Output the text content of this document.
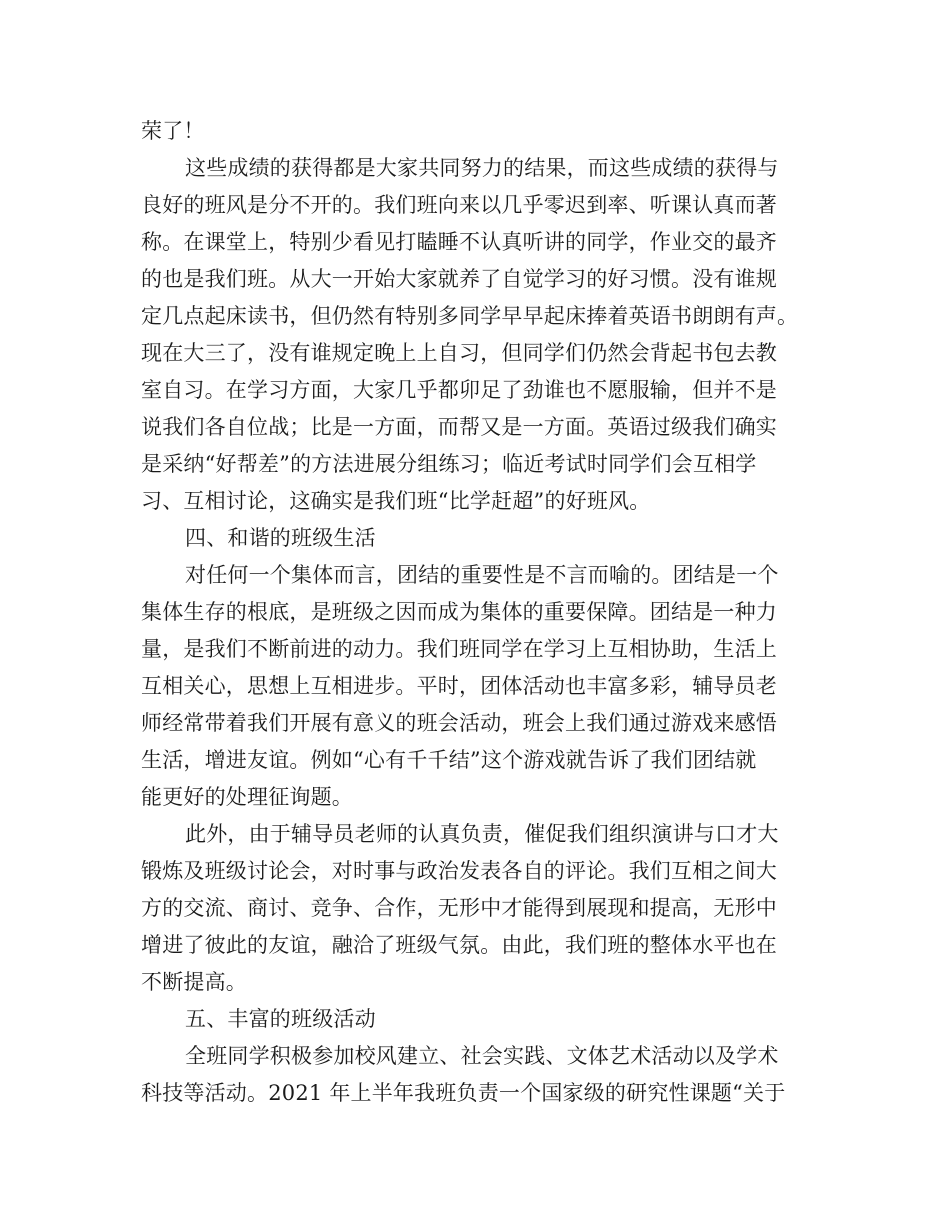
荣了！
这些成绩的获得都是大家共同努力的结果，而这些成绩的获得与
良好的班风是分不开的。我们班向来以几乎零迟到率、听课认真而著
称。在课堂上，特别少看见打瞌睡不认真听讲的同学，作业交的最齐
的也是我们班。从大一开始大家就养了自觉学习的好习惯。没有谁规
定几点起床读书，但仍然有特别多同学早早起床捧着英语书朗朗有声。
现在大三了，没有谁规定晚上上自习，但同学们仍然会背起书包去教
室自习。在学习方面，大家几乎都卯足了劲谁也不愿服输，但并不是
说我们各自位战；比是一方面，而帮又是一方面。英语过级我们确实
是采纳“好帮差”的方法进展分组练习；临近考试时同学们会互相学
习、互相讨论，这确实是我们班“比学赶超”的好班风。
四、和谐的班级生活
对任何一个集体而言，团结的重要性是不言而喻的。团结是一个
集体生存的根底，是班级之因而成为集体的重要保障。团结是一种力
量，是我们不断前进的动力。我们班同学在学习上互相协助，生活上
互相关心，思想上互相进步。平时，团体活动也丰富多彩，辅导员老
师经常带着我们开展有意义的班会活动，班会上我们通过游戏来感悟
生活，增进友谊。例如“心有千千结”这个游戏就告诉了我们团结就
能更好的处理征询题。
此外，由于辅导员老师的认真负责，催促我们组织演讲与口才大
锻炼及班级讨论会，对时事与政治发表各自的评论。我们互相之间大
方的交流、商讨、竞争、合作，无形中才能得到展现和提高，无形中
增进了彼此的友谊，融洽了班级气氛。由此，我们班的整体水平也在
不断提高。
五、丰富的班级活动
全班同学积极参加校风建立、社会实践、文体艺术活动以及学术
科技等活动。2021 年上半年我班负责一个国家级的研究性课题“关于
